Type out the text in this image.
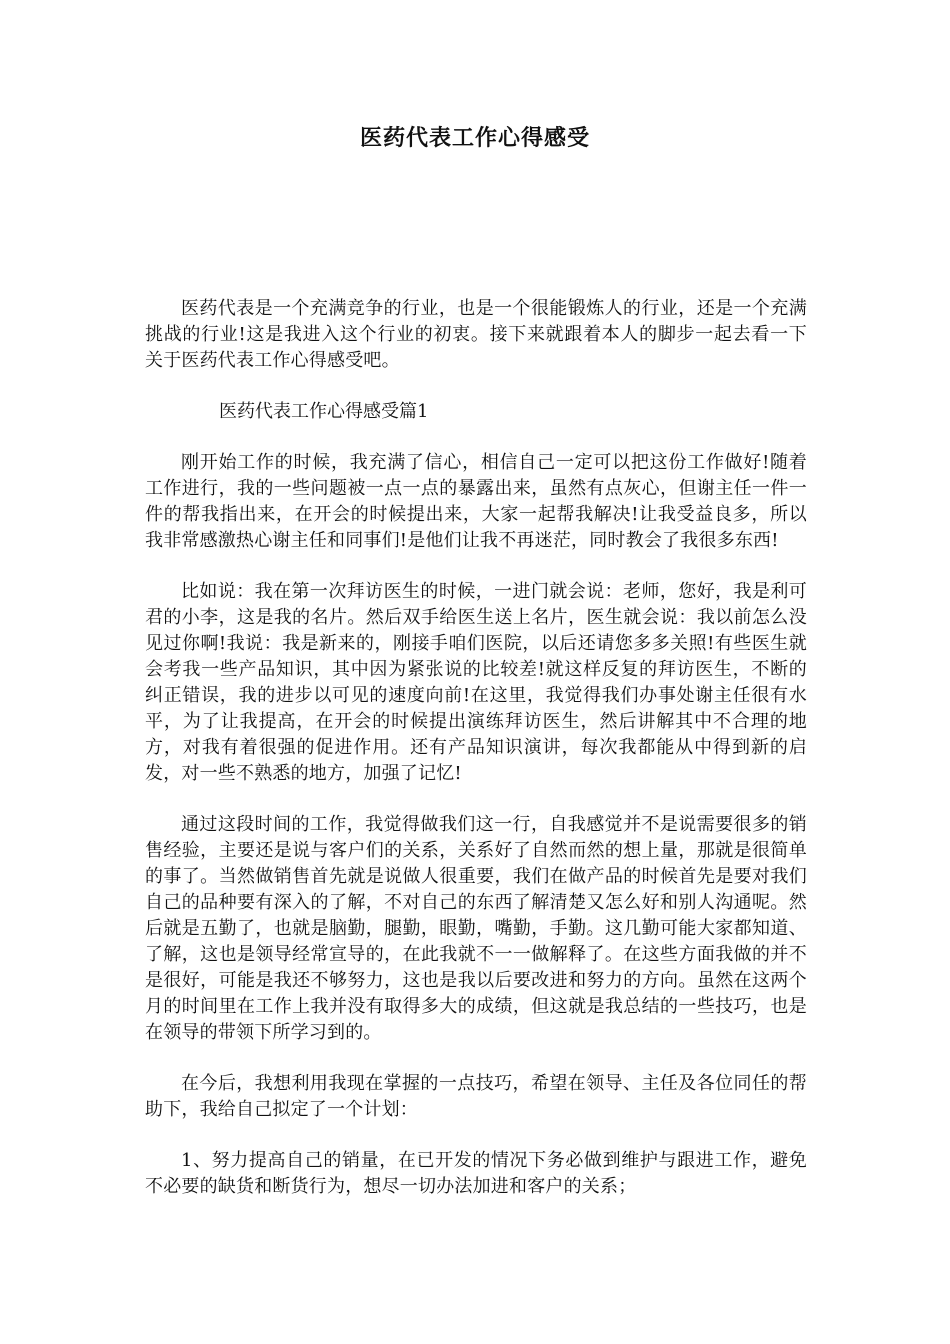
医药代表工作心得感受

医药代表是一个充满竞争的行业，也是一个很能锻炼人的行业，还是一个充满挑战的行业!这是我进入这个行业的初衷。接下来就跟着本人的脚步一起去看一下关于医药代表工作心得感受吧。

医药代表工作心得感受篇1

刚开始工作的时候，我充满了信心，相信自己一定可以把这份工作做好!随着工作进行，我的一些问题被一点一点的暴露出来，虽然有点灰心，但谢主任一件一件的帮我指出来，在开会的时候提出来，大家一起帮我解决!让我受益良多，所以我非常感激热心谢主任和同事们!是他们让我不再迷茫，同时教会了我很多东西!

比如说：我在第一次拜访医生的时候，一进门就会说：老师，您好，我是利可君的小李，这是我的名片。然后双手给医生送上名片，医生就会说：我以前怎么没见过你啊!我说：我是新来的，刚接手咱们医院，以后还请您多多关照!有些医生就会考我一些产品知识，其中因为紧张说的比较差!就这样反复的拜访医生，不断的纠正错误，我的进步以可见的速度向前!在这里，我觉得我们办事处谢主任很有水平，为了让我提高，在开会的时候提出演练拜访医生，然后讲解其中不合理的地方，对我有着很强的促进作用。还有产品知识演讲，每次我都能从中得到新的启发，对一些不熟悉的地方，加强了记忆!

通过这段时间的工作，我觉得做我们这一行，自我感觉并不是说需要很多的销售经验，主要还是说与客户们的关系，关系好了自然而然的想上量，那就是很简单的事了。当然做销售首先就是说做人很重要，我们在做产品的时候首先是要对我们自己的品种要有深入的了解，不对自己的东西了解清楚又怎么好和别人沟通呢。然后就是五勤了，也就是脑勤，腿勤，眼勤，嘴勤，手勤。这几勤可能大家都知道、了解，这也是领导经常宣导的，在此我就不一一做解释了。在这些方面我做的并不是很好，可能是我还不够努力，这也是我以后要改进和努力的方向。虽然在这两个月的时间里在工作上我并没有取得多大的成绩，但这就是我总结的一些技巧，也是在领导的带领下所学习到的。

在今后，我想利用我现在掌握的一点技巧，希望在领导、主任及各位同任的帮助下，我给自己拟定了一个计划：

1、努力提高自己的销量，在已开发的情况下务必做到维护与跟进工作，避免不必要的缺货和断货行为，想尽一切办法加进和客户的关系；
